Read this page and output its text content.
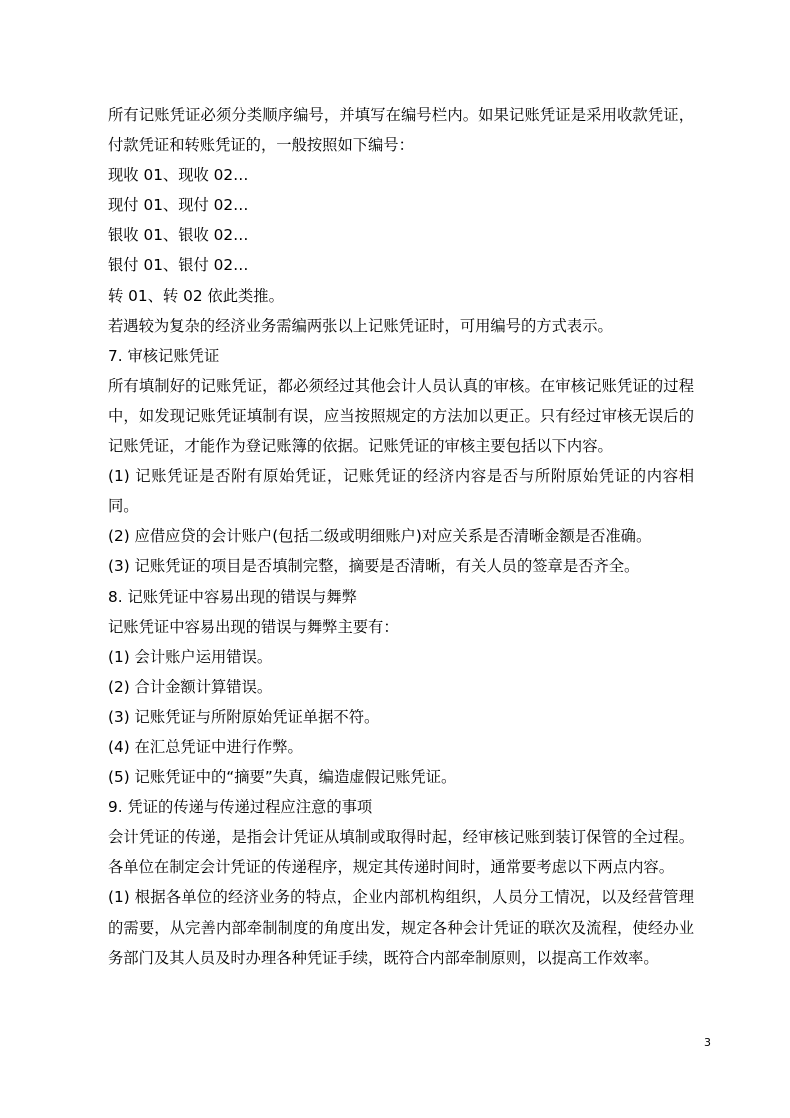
所有记账凭证必须分类顺序编号，并填写在编号栏内。如果记账凭证是采用收款凭证，付款凭证和转账凭证的，一般按照如下编号：

现收 01、现收 02…

现付 01、现付 02…

银收 01、银收 02…

银付 01、银付 02…

转 01、转 02 依此类推。

若遇较为复杂的经济业务需编两张以上记账凭证时，可用编号的方式表示。

7. 审核记账凭证

所有填制好的记账凭证，都必须经过其他会计人员认真的审核。在审核记账凭证的过程中，如发现记账凭证填制有误，应当按照规定的方法加以更正。只有经过审核无误后的记账凭证，才能作为登记账簿的依据。记账凭证的审核主要包括以下内容。

(1) 记账凭证是否附有原始凭证，记账凭证的经济内容是否与所附原始凭证的内容相同。

(2) 应借应贷的会计账户(包括二级或明细账户)对应关系是否清晰金额是否准确。

(3) 记账凭证的项目是否填制完整，摘要是否清晰，有关人员的签章是否齐全。

8. 记账凭证中容易出现的错误与舞弊

记账凭证中容易出现的错误与舞弊主要有：

(1) 会计账户运用错误。

(2) 合计金额计算错误。

(3) 记账凭证与所附原始凭证单据不符。

(4) 在汇总凭证中进行作弊。

(5) 记账凭证中的“摘要”失真，编造虚假记账凭证。

9. 凭证的传递与传递过程应注意的事项

会计凭证的传递，是指会计凭证从填制或取得时起，经审核记账到装订保管的全过程。各单位在制定会计凭证的传递程序，规定其传递时间时，通常要考虑以下两点内容。

(1) 根据各单位的经济业务的特点，企业内部机构组织，人员分工情况，以及经营管理的需要，从完善内部牵制制度的角度出发，规定各种会计凭证的联次及流程，使经办业务部门及其人员及时办理各种凭证手续，既符合内部牵制原则，以提高工作效率。

3
